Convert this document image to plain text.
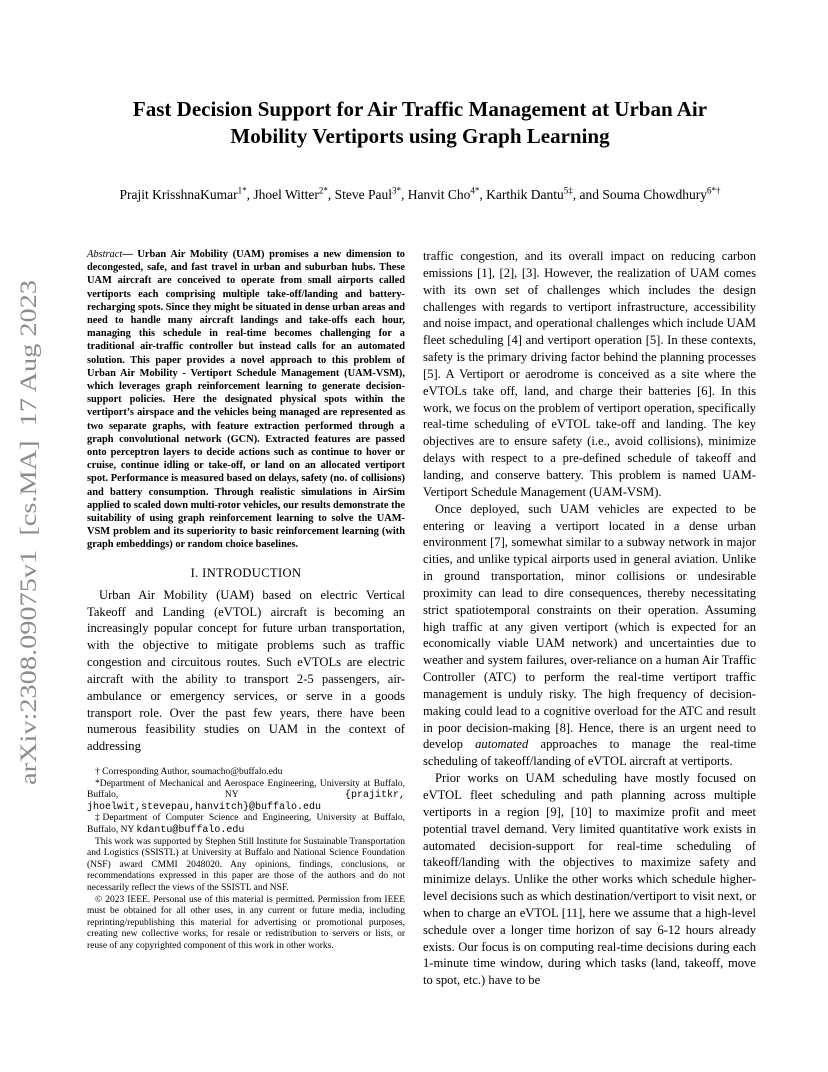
arXiv:2308.09075v1  [cs.MA]  17 Aug 2023
Fast Decision Support for Air Traffic Management at Urban Air
Mobility Vertiports using Graph Learning
Prajit KrisshnaKumar$^{1*}$, Jhoel Witter$^{2*}$, Steve Paul$^{3*}$, Hanvit Cho$^{4*}$, Karthik Dantu$^{5\ddagger}$, and Souma Chowdhury$^{6*\dagger}$

Abstract— Urban Air Mobility (UAM) promises a new dimension to decongested, safe, and fast travel in urban and suburban hubs. These UAM aircraft are conceived to operate from small airports called vertiports each comprising multiple take-off/landing and battery-recharging spots. Since they might be situated in dense urban areas and need to handle many aircraft landings and take-offs each hour, managing this schedule in real-time becomes challenging for a traditional air-traffic controller but instead calls for an automated solution. This paper provides a novel approach to this problem of Urban Air Mobility - Vertiport Schedule Management (UAM-VSM), which leverages graph reinforcement learning to generate decision-support policies. Here the designated physical spots within the vertiport’s airspace and the vehicles being managed are represented as two separate graphs, with feature extraction performed through a graph convolutional network (GCN). Extracted features are passed onto perceptron layers to decide actions such as continue to hover or cruise, continue idling or take-off, or land on an allocated vertiport spot. Performance is measured based on delays, safety (no. of collisions) and battery consumption. Through realistic simulations in AirSim applied to scaled down multi-rotor vehicles, our results demonstrate the suitability of using graph reinforcement learning to solve the UAM-VSM problem and its superiority to basic reinforcement learning (with graph embeddings) or random choice baselines.

I. INTRODUCTION

Urban Air Mobility (UAM) based on electric Vertical Takeoff and Landing (eVTOL) aircraft is becoming an increasingly popular concept for future urban transportation, with the objective to mitigate problems such as traffic congestion and circuitous routes. Such eVTOLs are electric aircraft with the ability to transport 2-5 passengers, air-ambulance or emergency services, or serve in a goods transport role. Over the past few years, there have been numerous feasibility studies on UAM in the context of addressing

† Corresponding Author, soumacho@buffalo.edu

*Department of Mechanical and Aerospace Engineering, University at Buffalo, Buffalo, NY {prajitkr, jhoelwit,stevepau,hanvitch}@buffalo.edu

‡Department of Computer Science and Engineering, University at Buffalo, Buffalo, NY kdantu@buffalo.edu

This work was supported by Stephen Still Institute for Sustainable Transportation and Logistics (SSISTL) at University at Buffalo and National Science Foundation (NSF) award CMMI 2048020. Any opinions, findings, conclusions, or recommendations expressed in this paper are those of the authors and do not necessarily reflect the views of the SSISTL and NSF.

© 2023 IEEE. Personal use of this material is permitted. Permission from IEEE must be obtained for all other uses, in any current or future media, including reprinting/republishing this material for advertising or promotional purposes, creating new collective works, for resale or redistribution to servers or lists, or reuse of any copyrighted component of this work in other works.

traffic congestion, and its overall impact on reducing carbon emissions [1], [2], [3]. However, the realization of UAM comes with its own set of challenges which includes the design challenges with regards to vertiport infrastructure, accessibility and noise impact, and operational challenges which include UAM fleet scheduling [4] and vertiport operation [5]. In these contexts, safety is the primary driving factor behind the planning processes [5]. A Vertiport or aerodrome is conceived as a site where the eVTOLs take off, land, and charge their batteries [6]. In this work, we focus on the problem of vertiport operation, specifically real-time scheduling of eVTOL take-off and landing. The key objectives are to ensure safety (i.e., avoid collisions), minimize delays with respect to a pre-defined schedule of takeoff and landing, and conserve battery. This problem is named UAM-Vertiport Schedule Management (UAM-VSM).

Once deployed, such UAM vehicles are expected to be entering or leaving a vertiport located in a dense urban environment [7], somewhat similar to a subway network in major cities, and unlike typical airports used in general aviation. Unlike in ground transportation, minor collisions or undesirable proximity can lead to dire consequences, thereby necessitating strict spatiotemporal constraints on their operation. Assuming high traffic at any given vertiport (which is expected for an economically viable UAM network) and uncertainties due to weather and system failures, over-reliance on a human Air Traffic Controller (ATC) to perform the real-time vertiport traffic management is unduly risky. The high frequency of decision-making could lead to a cognitive overload for the ATC and result in poor decision-making [8]. Hence, there is an urgent need to develop automated approaches to manage the real-time scheduling of takeoff/landing of eVTOL aircraft at vertiports.

Prior works on UAM scheduling have mostly focused on eVTOL fleet scheduling and path planning across multiple vertiports in a region [9], [10] to maximize profit and meet potential travel demand. Very limited quantitative work exists in automated decision-support for real-time scheduling of takeoff/landing with the objectives to maximize safety and minimize delays. Unlike the other works which schedule higher-level decisions such as which destination/vertiport to visit next, or when to charge an eVTOL [11], here we assume that a high-level schedule over a longer time horizon of say 6-12 hours already exists. Our focus is on computing real-time decisions during each 1-minute time window, during which tasks (land, takeoff, move to spot, etc.) have to be
